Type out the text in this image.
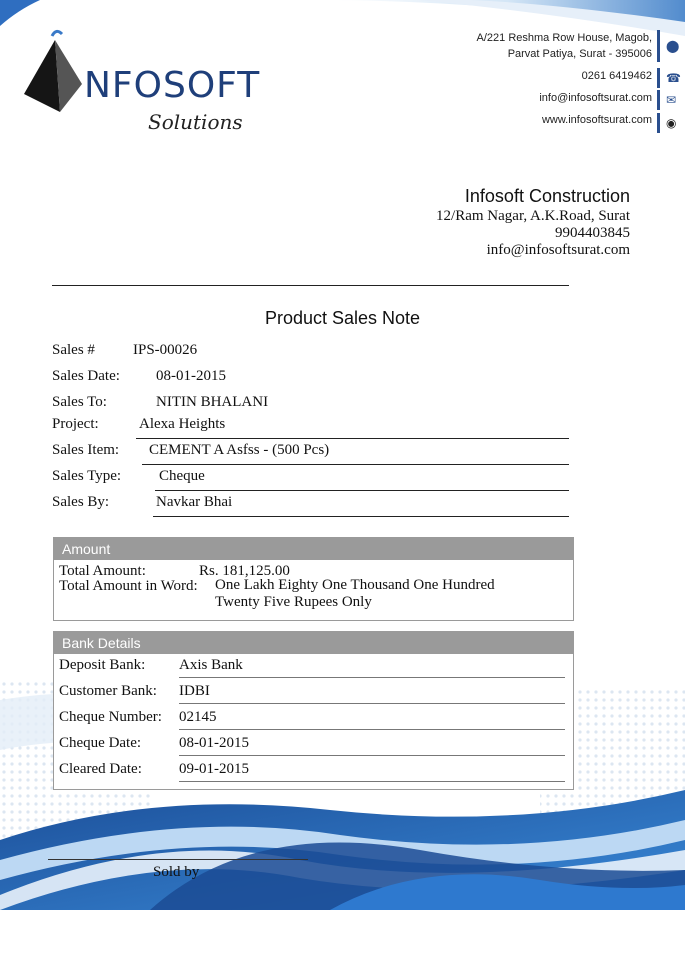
NFOSOFT
Solutions
A/221 Reshma Row House, Magob,
Parvat Patiya, Surat - 395006
0261 6419462
info@infosoftsurat.com
www.infosoftsurat.com
⬤
☎
✉
◉
Infosoft Construction
12/Ram Nagar, A.K.Road, Surat
9904403845
info@infosoftsurat.com
Product Sales Note
Sales #	IPS-00026
Sales Date: 08-01-2015
Sales To:	NITIN BHALANI
Project:	Alexa Heights
Sales Item: CEMENT A Asfss - (500 Pcs)
Sales Type:	Cheque
Sales By:	Navkar Bhai
Amount
Total Amount:	Rs. 181,125.00
Total Amount in Word: One Lakh Eighty One Thousand One Hundred
Twenty Five Rupees Only
Bank Details
Deposit Bank: Axis Bank
Customer Bank: IDBI
Cheque Number: 02145
Cheque Date:	08-01-2015
Cleared Date: 09-01-2015
Sold by
